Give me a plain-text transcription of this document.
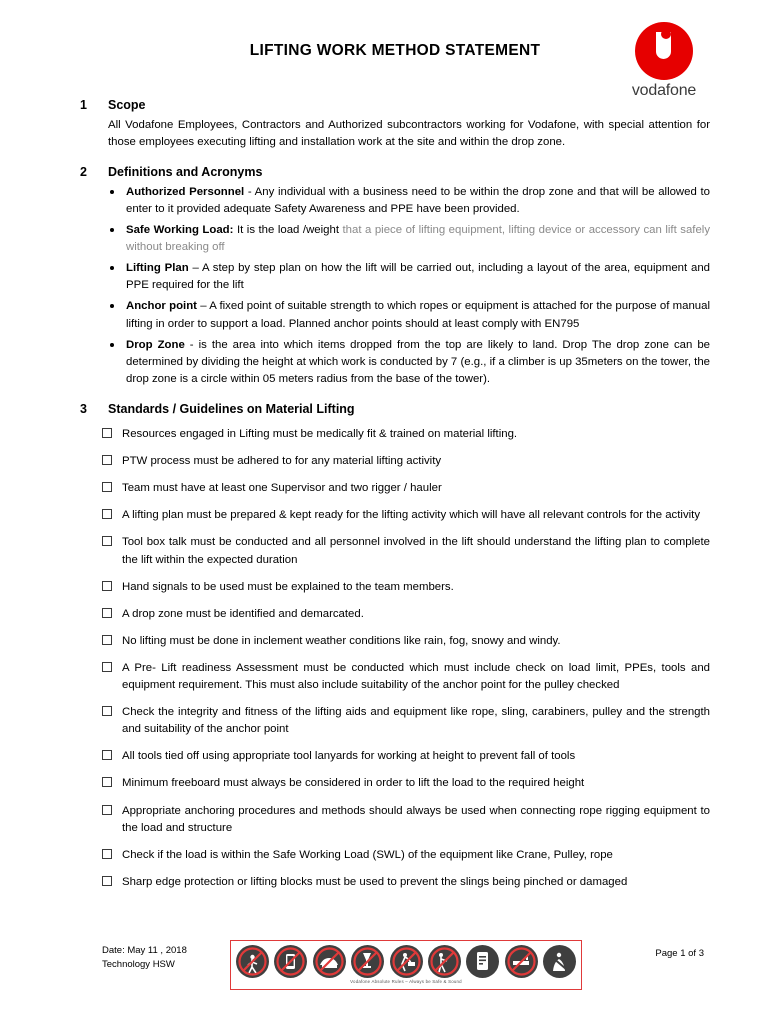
LIFTING WORK METHOD STATEMENT
vodafone
1	Scope
All Vodafone Employees, Contractors and Authorized subcontractors working for Vodafone, with special attention for those employees executing lifting and installation work at the site and within the drop zone.
2	Definitions and Acronyms
Authorized Personnel - Any individual with a business need to be within the drop zone and that will be allowed to enter to it provided adequate Safety Awareness and PPE have been provided.
Safe Working Load: It is the load /weight that a piece of lifting equipment, lifting device or accessory can lift safely without breaking off
Lifting Plan – A step by step plan on how the lift will be carried out, including a layout of the area, equipment and PPE required for the lift
Anchor point – A fixed point of suitable strength to which ropes or equipment is attached for the purpose of manual lifting in order to support a load. Planned anchor points should at least comply with EN795
Drop Zone - is the area into which items dropped from the top are likely to land. Drop The drop zone can be determined by dividing the height at which work is conducted by 7 (e.g., if a climber is up 35meters on the tower, the drop zone is a circle within 05 meters radius from the base of the tower).
3	Standards / Guidelines on Material Lifting
Resources engaged in Lifting must be medically fit & trained on material lifting.
PTW process must be adhered to for any material lifting activity
Team must have at least one Supervisor and two rigger / hauler
A lifting plan must be prepared & kept ready for the lifting activity which will have all relevant controls for the activity
Tool box talk must be conducted and all personnel involved in the lift should understand the lifting plan to complete the lift within the expected duration
Hand signals to be used must be explained to the team members.
A drop zone must be identified and demarcated.
No lifting must be done in inclement weather conditions like rain, fog, snowy and windy.
A Pre- Lift readiness Assessment must be conducted which must include check on load limit, PPEs, tools and equipment requirement. This must also include suitability of the anchor point for the pulley checked
Check the integrity and fitness of the lifting aids and equipment like rope, sling, carabiners, pulley and the strength and suitability of the anchor point
All tools tied off using appropriate tool lanyards for working at height to prevent fall of tools
Minimum freeboard must always be considered in order to lift the load to the required height
Appropriate anchoring procedures and methods should always be used when connecting rope rigging equipment to the load and structure
Check if the load is within the Safe Working Load (SWL) of the equipment like Crane, Pulley, rope
Sharp edge protection or lifting blocks must be used to prevent the slings being pinched or damaged
Date: May 11 , 2018
Technology HSW
Vodafone Absolute Rules – Always be Safe & Sound
Page 1 of 3
